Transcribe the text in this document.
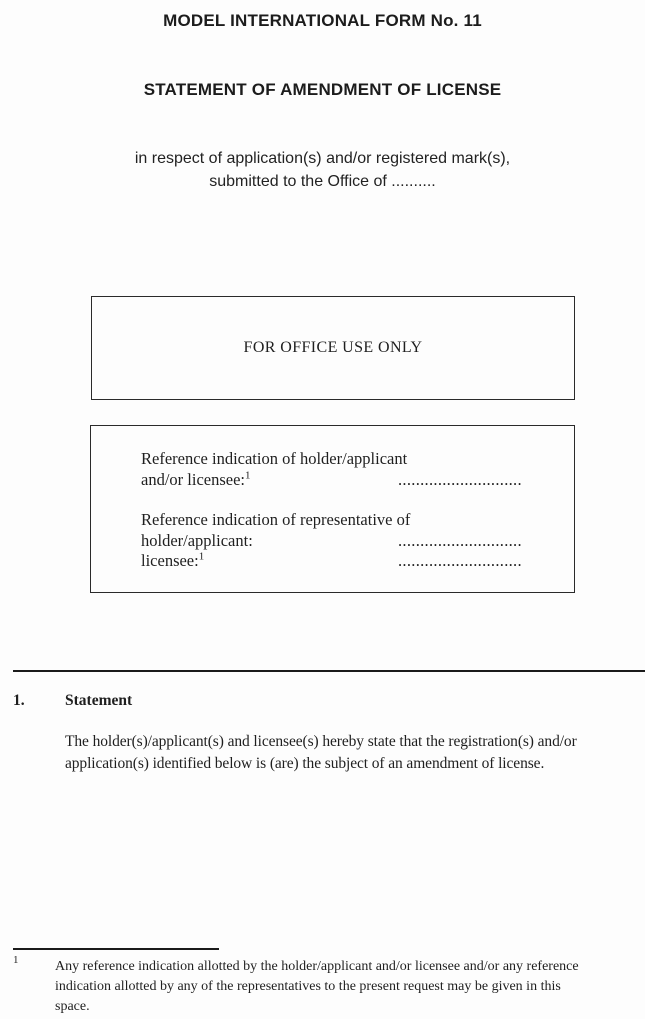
MODEL INTERNATIONAL FORM No. 11
STATEMENT OF AMENDMENT OF LICENSE
in respect of application(s) and/or registered mark(s),
submitted to the Office of ..........
FOR OFFICE USE ONLY
Reference indication of holder/applicant
and/or licensee:$^1$	............................
Reference indication of representative of
holder/applicant:	............................
licensee:$^1$	............................
1.	Statement
The holder(s)/applicant(s) and licensee(s) hereby state that the registration(s) and/or application(s) identified below is (are) the subject of an amendment of license.
1	Any reference indication allotted by the holder/applicant and/or licensee and/or any reference indication allotted by any of the representatives to the present request may be given in this space.
